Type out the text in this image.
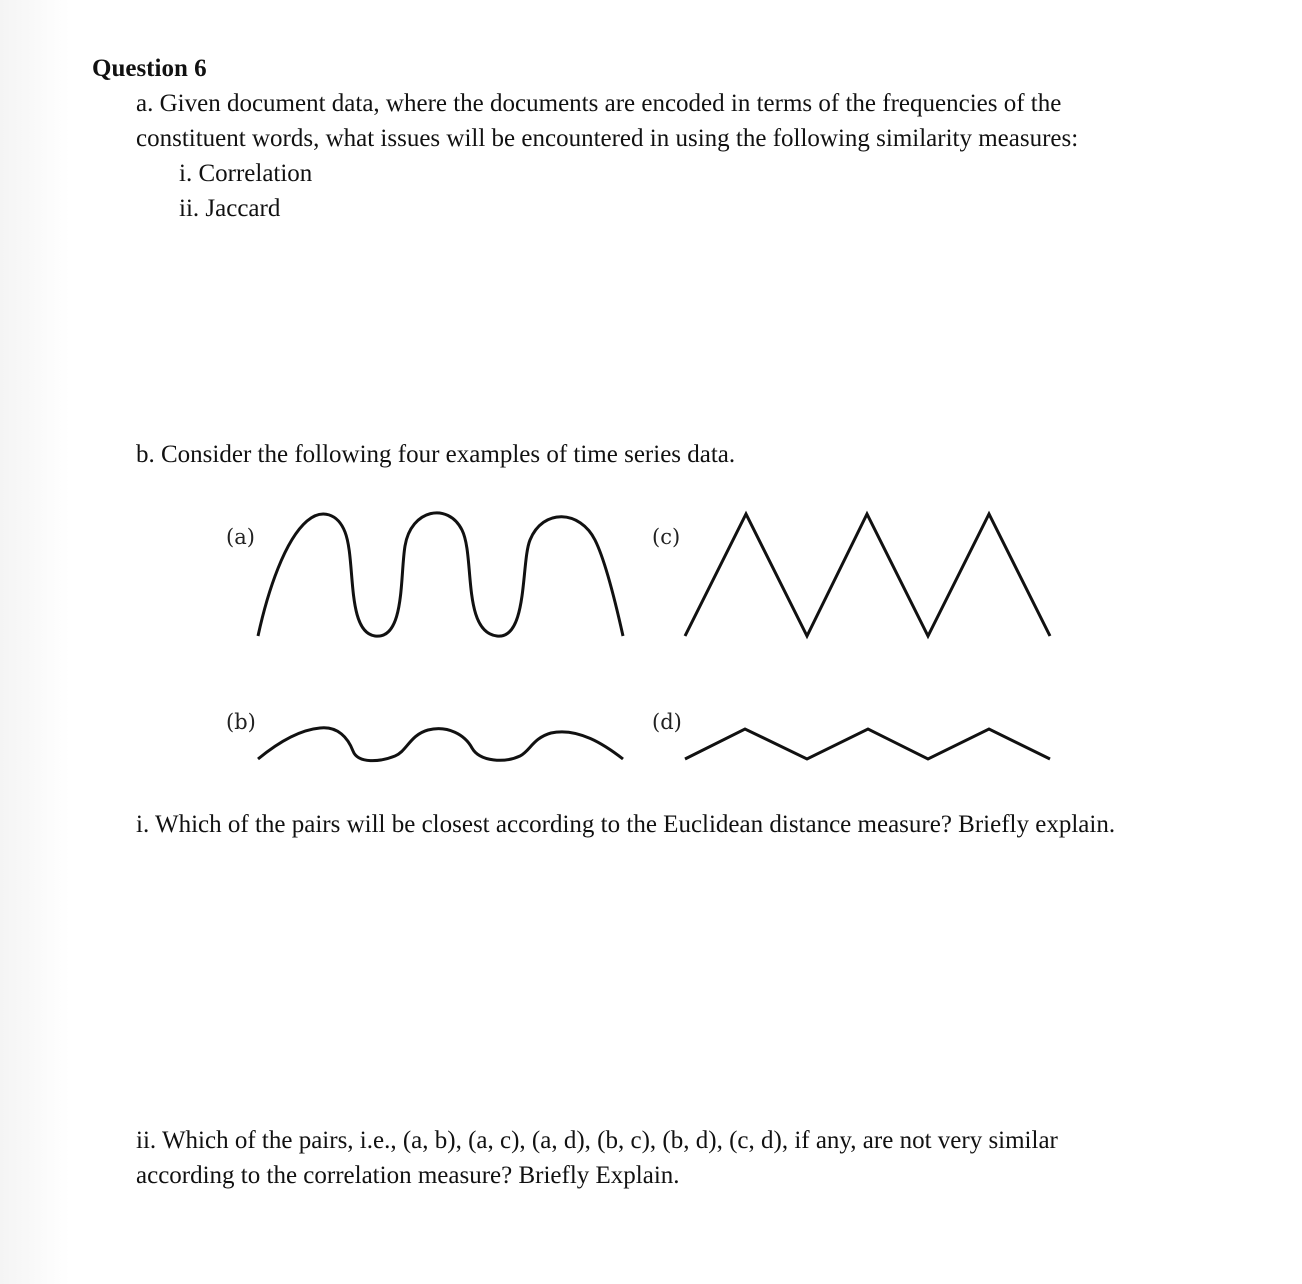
Question 6
a. Given document data, where the documents are encoded in terms of the frequencies of the
constituent words, what issues will be encountered in using the following similarity measures:
i. Correlation
ii. Jaccard
b. Consider the following four examples of time series data.
(a)	(c)
(b)	(d)
i. Which of the pairs will be closest according to the Euclidean distance measure? Briefly explain.
ii. Which of the pairs, i.e., (a, b), (a, c), (a, d), (b, c), (b, d), (c, d), if any, are not very similar
according to the correlation measure? Briefly Explain.
